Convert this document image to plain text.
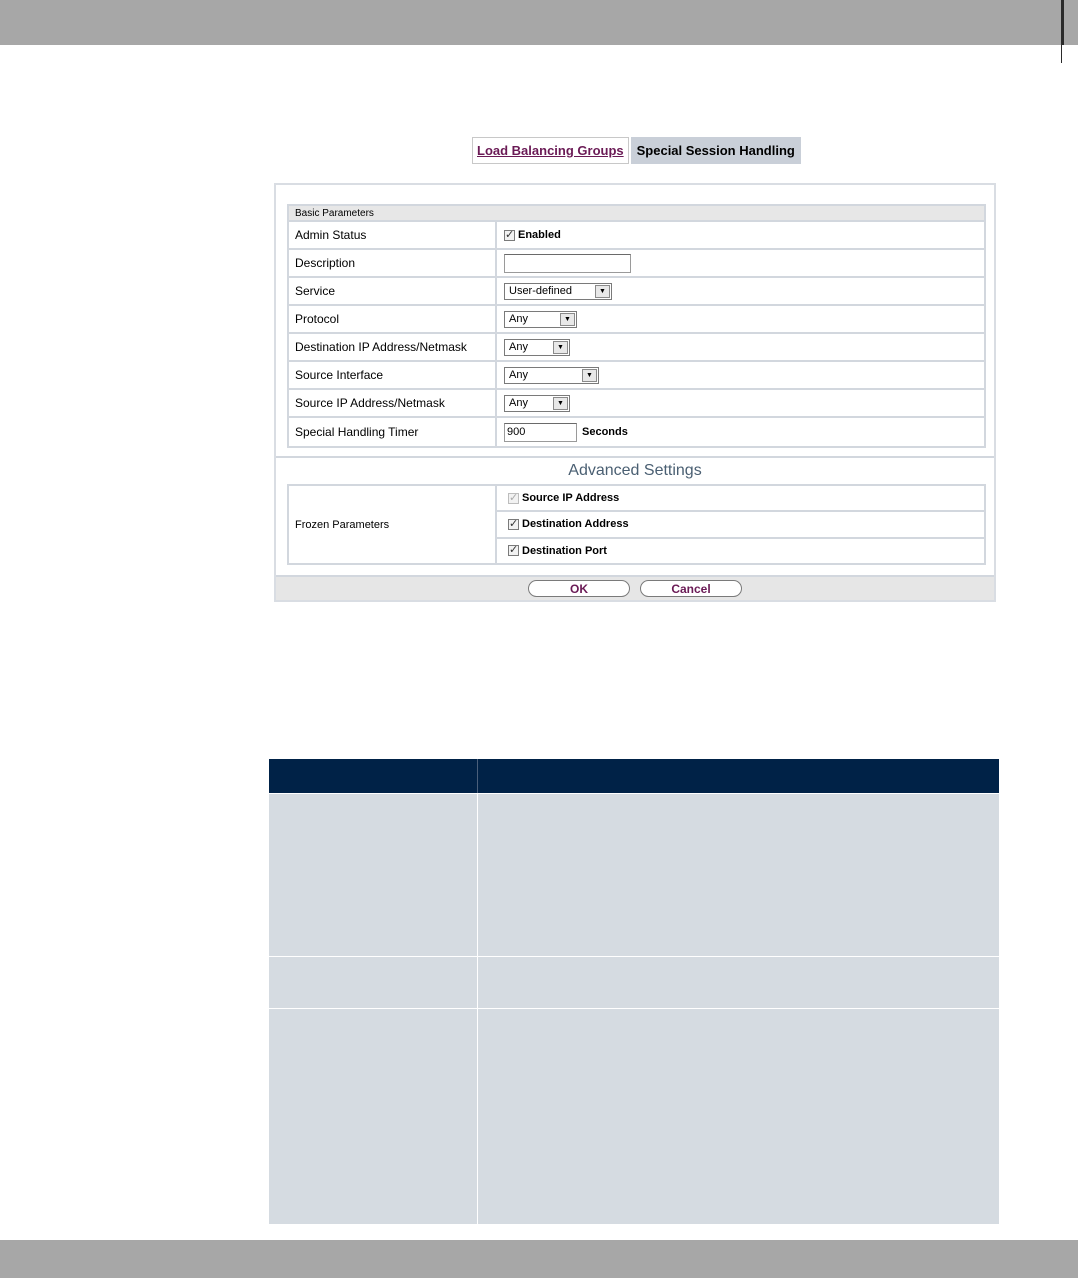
Load Balancing Groups	Special Session Handling
Basic Parameters
Admin Status
✓	Enabled
Description
Service	User-defined	▼
Protocol	Any	▼
Destination IP Address/Netmask	Any	▼
Source Interface	Any	▼
Source IP Address/Netmask	Any	▼
Special Handling Timer	900	Seconds
Advanced Settings
Frozen Parameters
✓
Source IP Address
✓
Destination Address
✓
Destination Port
OK	Cancel
